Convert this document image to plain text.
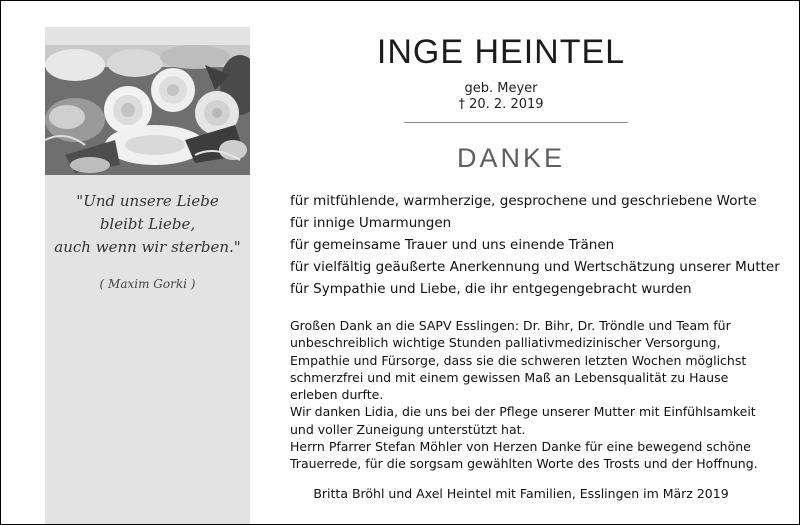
"Und unsere Liebe
bleibt Liebe,
auch wenn wir sterben."
( Maxim Gorki )
INGE HEINTEL
geb. Meyer
† 20. 2. 2019
DANKE
für mitfühlende, warmherzige, gesprochene und geschriebene Worte
für innige Umarmungen
für gemeinsame Trauer und uns einende Tränen
für vielfältig geäußerte Anerkennung und Wertschätzung unserer Mutter
für Sympathie und Liebe, die ihr entgegengebracht wurden
Großen Dank an die SAPV Esslingen: Dr. Bihr, Dr. Tröndle und Team für
unbeschreiblich wichtige Stunden palliativmedizinischer Versorgung,
Empathie und Fürsorge, dass sie die schweren letzten Wochen möglichst
schmerzfrei und mit einem gewissen Maß an Lebensqualität zu Hause
erleben durfte.
Wir danken Lidia, die uns bei der Pflege unserer Mutter mit Einfühlsamkeit
und voller Zuneigung unterstützt hat.
Herrn Pfarrer Stefan Möhler von Herzen Danke für eine bewegend schöne
Trauerrede, für die sorgsam gewählten Worte des Trosts und der Hoffnung.
Britta Bröhl und Axel Heintel mit Familien, Esslingen im März 2019
